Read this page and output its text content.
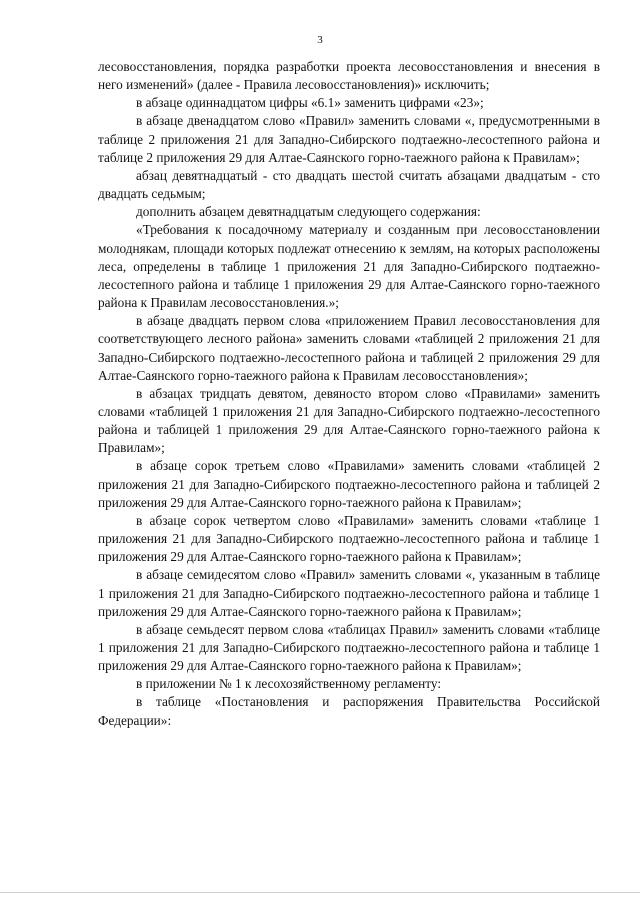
3

лесовосстановления, порядка разработки проекта лесовосстановления и внесения в него изменений» (далее - Правила лесовосстановления)» исключить;

в абзаце одиннадцатом цифры «6.1» заменить цифрами «23»;

в абзаце двенадцатом слово «Правил» заменить словами «, предусмотренными в таблице 2 приложения 21 для Западно-Сибирского подтаежно-лесостепного района и таблице 2 приложения 29 для Алтае-Саянского горно-таежного района к Правилам»;

абзац девятнадцатый - сто двадцать шестой считать абзацами двадцатым - сто двадцать седьмым;

дополнить абзацем девятнадцатым следующего содержания:

«Требования к посадочному материалу и созданным при лесовосстановлении молоднякам, площади которых подлежат отнесению к землям, на которых расположены леса, определены в таблице 1 приложения 21 для Западно-Сибирского подтаежно-лесостепного района и таблице 1 приложения 29 для Алтае-Саянского горно-таежного района к Правилам лесовосстановления.»;

в абзаце двадцать первом слова «приложением Правил лесовосстановления для соответствующего лесного района» заменить словами «таблицей 2 приложения 21 для Западно-Сибирского подтаежно-лесостепного района и таблицей 2 приложения 29 для Алтае-Саянского горно-таежного района к Правилам лесовосстановления»;

в абзацах тридцать девятом, девяносто втором слово «Правилами» заменить словами «таблицей 1 приложения 21 для Западно-Сибирского подтаежно-лесостепного района и таблицей 1 приложения 29 для Алтае-Саянского горно-таежного района к Правилам»;

в абзаце сорок третьем слово «Правилами» заменить словами «таблицей 2 приложения 21 для Западно-Сибирского подтаежно-лесостепного района и таблицей 2 приложения 29 для Алтае-Саянского горно-таежного района к Правилам»;

в абзаце сорок четвертом слово «Правилами» заменить словами «таблице 1 приложения 21 для Западно-Сибирского подтаежно-лесостепного района и таблице 1 приложения 29 для Алтае-Саянского горно-таежного района к Правилам»;

в абзаце семидесятом слово «Правил» заменить словами «, указанным в таблице 1 приложения 21 для Западно-Сибирского подтаежно-лесостепного района и таблице 1 приложения 29 для Алтае-Саянского горно-таежного района к Правилам»;

в абзаце семьдесят первом слова «таблицах Правил» заменить словами «таблице 1 приложения 21 для Западно-Сибирского подтаежно-лесостепного района и таблице 1 приложения 29 для Алтае-Саянского горно-таежного района к Правилам»;

в приложении № 1 к лесохозяйственному регламенту:

в таблице «Постановления и распоряжения Правительства Российской Федерации»:
